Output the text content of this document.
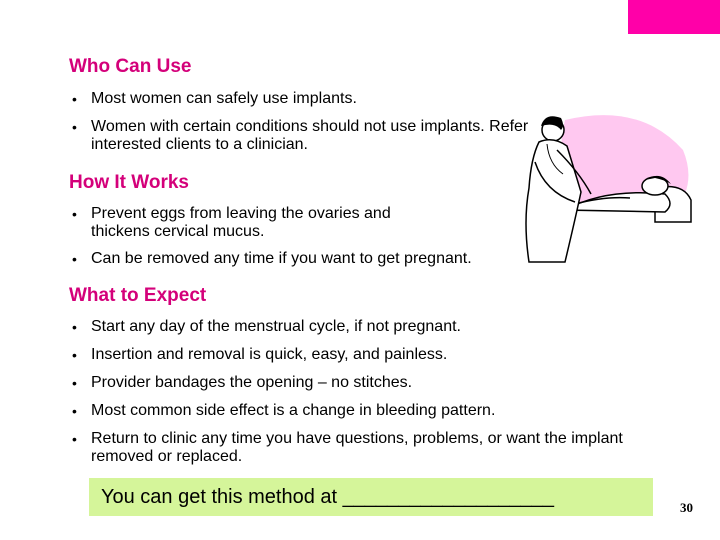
Who Can Use
• Most women can safely use implants.
• Women with certain conditions should not use implants. Refer interested clients to a clinician.
How It Works
• Prevent eggs from leaving the ovaries and thickens cervical mucus.
• Can be removed any time if you want to get pregnant.
What to Expect
• Start any day of the menstrual cycle, if not pregnant.
• Insertion and removal is quick, easy, and painless.
• Provider bandages the opening – no stitches.
• Most common side effect is a change in bleeding pattern.
• Return to clinic any time you have questions, problems, or want the implant removed or replaced.
You can get this method at ___________________	30
